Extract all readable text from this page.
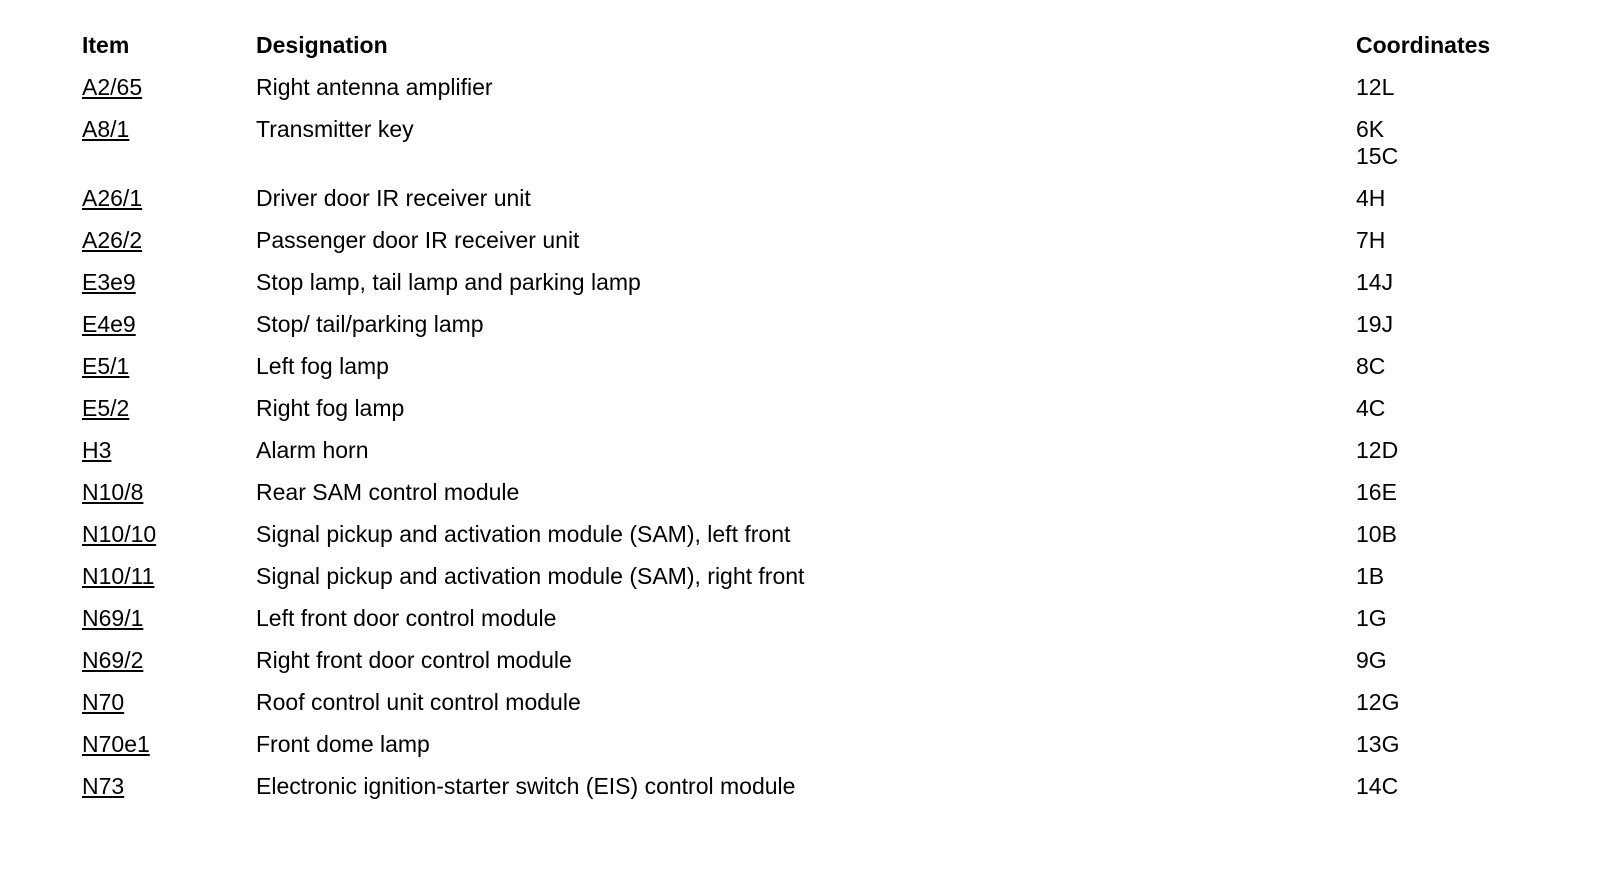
Item	Designation	Coordinates
A2/65	Right antenna amplifier	12L

A8/1	Transmitter key	6K
15C

A26/1	Driver door IR receiver unit	4H

A26/2	Passenger door IR receiver unit	7H

E3e9	Stop lamp, tail lamp and parking lamp	14J

E4e9	Stop/ tail/parking lamp	19J

E5/1	Left fog lamp	8C

E5/2	Right fog lamp	4C

H3	Alarm horn	12D

N10/8	Rear SAM control module	16E

N10/10	Signal pickup and activation module (SAM), left front	10B

N10/11	Signal pickup and activation module (SAM), right front	1B

N69/1	Left front door control module	1G

N69/2	Right front door control module	9G

N70	Roof control unit control module	12G

N70e1	Front dome lamp	13G

N73	Electronic ignition-starter switch (EIS) control module	14C
